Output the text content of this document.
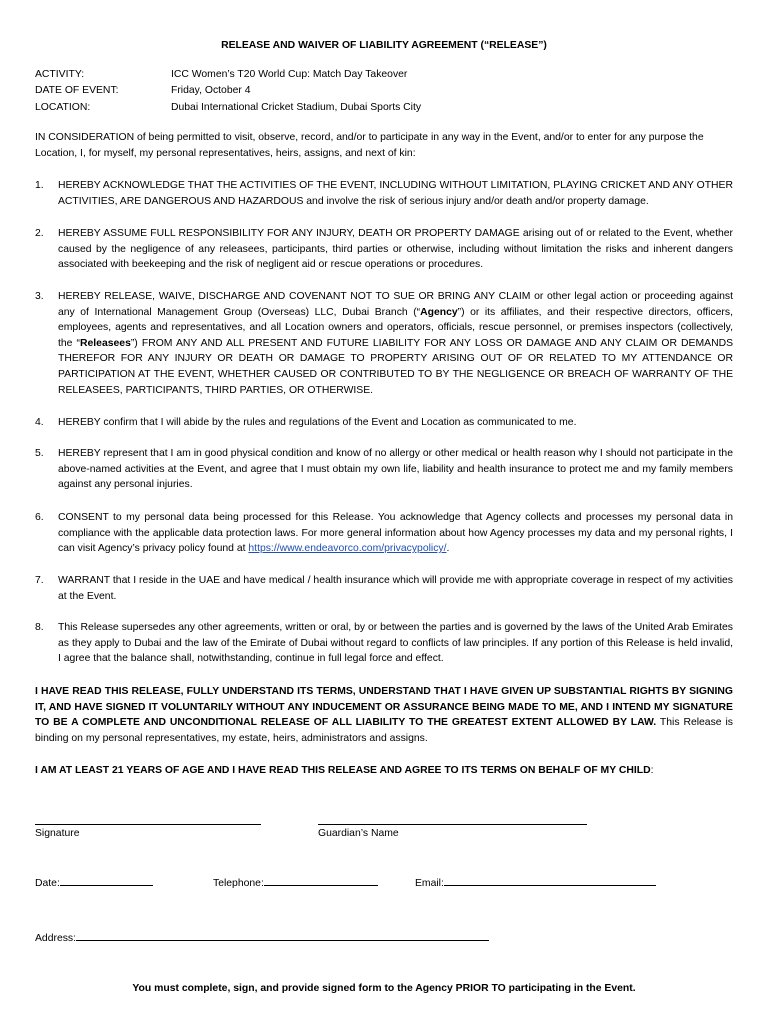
RELEASE AND WAIVER OF LIABILITY AGREEMENT (“RELEASE”)
ACTIVITY:	ICC Women’s T20 World Cup: Match Day Takeover
DATE OF EVENT:	Friday, October 4
LOCATION:	Dubai International Cricket Stadium, Dubai Sports City
IN CONSIDERATION of being permitted to visit, observe, record, and/or to participate in any way in the Event, and/or to enter for any purpose the Location, I, for myself, my personal representatives, heirs, assigns, and next of kin:
1.	HEREBY ACKNOWLEDGE THAT THE ACTIVITIES OF THE EVENT, INCLUDING WITHOUT LIMITATION, PLAYING CRICKET AND ANY OTHER ACTIVITIES, ARE DANGEROUS AND HAZARDOUS and involve the risk of serious injury and/or death and/or property damage.
2.	HEREBY ASSUME FULL RESPONSIBILITY FOR ANY INJURY, DEATH OR PROPERTY DAMAGE arising out of or related to the Event, whether caused by the negligence of any releasees, participants, third parties or otherwise, including without limitation the risks and inherent dangers associated with beekeeping and the risk of negligent aid or rescue operations or procedures.
3.	HEREBY RELEASE, WAIVE, DISCHARGE AND COVENANT NOT TO SUE OR BRING ANY CLAIM or other legal action or proceeding against any of International Management Group (Overseas) LLC, Dubai Branch (“Agency”) or its affiliates, and their respective directors, officers, employees, agents and representatives, and all Location owners and operators, officials, rescue personnel, or premises inspectors (collectively, the “Releasees”) FROM ANY AND ALL PRESENT AND FUTURE LIABILITY FOR ANY LOSS OR DAMAGE AND ANY CLAIM OR DEMANDS THEREFOR FOR ANY INJURY OR DEATH OR DAMAGE TO PROPERTY ARISING OUT OF OR RELATED TO MY ATTENDANCE OR PARTICIPATION AT THE EVENT, WHETHER CAUSED OR CONTRIBUTED TO BY THE NEGLIGENCE OR BREACH OF WARRANTY OF THE RELEASEES, PARTICIPANTS, THIRD PARTIES, OR OTHERWISE.
4.	HEREBY confirm that I will abide by the rules and regulations of the Event and Location as communicated to me.
5.	HEREBY represent that I am in good physical condition and know of no allergy or other medical or health reason why I should not participate in the above-named activities at the Event, and agree that I must obtain my own life, liability and health insurance to protect me and my family members against any personal injuries.
6.	CONSENT to my personal data being processed for this Release. You acknowledge that Agency collects and processes my personal data in compliance with the applicable data protection laws. For more general information about how Agency processes my data and my personal rights, I can visit Agency’s privacy policy found at https://www.endeavorco.com/privacypolicy/.
7.	WARRANT that I reside in the UAE and have medical / health insurance which will provide me with appropriate coverage in respect of my activities at the Event.
8.	This Release supersedes any other agreements, written or oral, by or between the parties and is governed by the laws of the United Arab Emirates as they apply to Dubai and the law of the Emirate of Dubai without regard to conflicts of law principles. If any portion of this Release is held invalid, I agree that the balance shall, notwithstanding, continue in full legal force and effect.
I HAVE READ THIS RELEASE, FULLY UNDERSTAND ITS TERMS, UNDERSTAND THAT I HAVE GIVEN UP SUBSTANTIAL RIGHTS BY SIGNING IT, AND HAVE SIGNED IT VOLUNTARILY WITHOUT ANY INDUCEMENT OR ASSURANCE BEING MADE TO ME, AND I INTEND MY SIGNATURE TO BE A COMPLETE AND UNCONDITIONAL RELEASE OF ALL LIABILITY TO THE GREATEST EXTENT ALLOWED BY LAW. This Release is binding on my personal representatives, my estate, heirs, administrators and assigns.
I AM AT LEAST 21 YEARS OF AGE AND I HAVE READ THIS RELEASE AND AGREE TO ITS TERMS ON BEHALF OF MY CHILD:
Signature	Guardian’s Name
Date:	Telephone:	Email:
Address:
You must complete, sign, and provide signed form to the Agency PRIOR TO participating in the Event.
